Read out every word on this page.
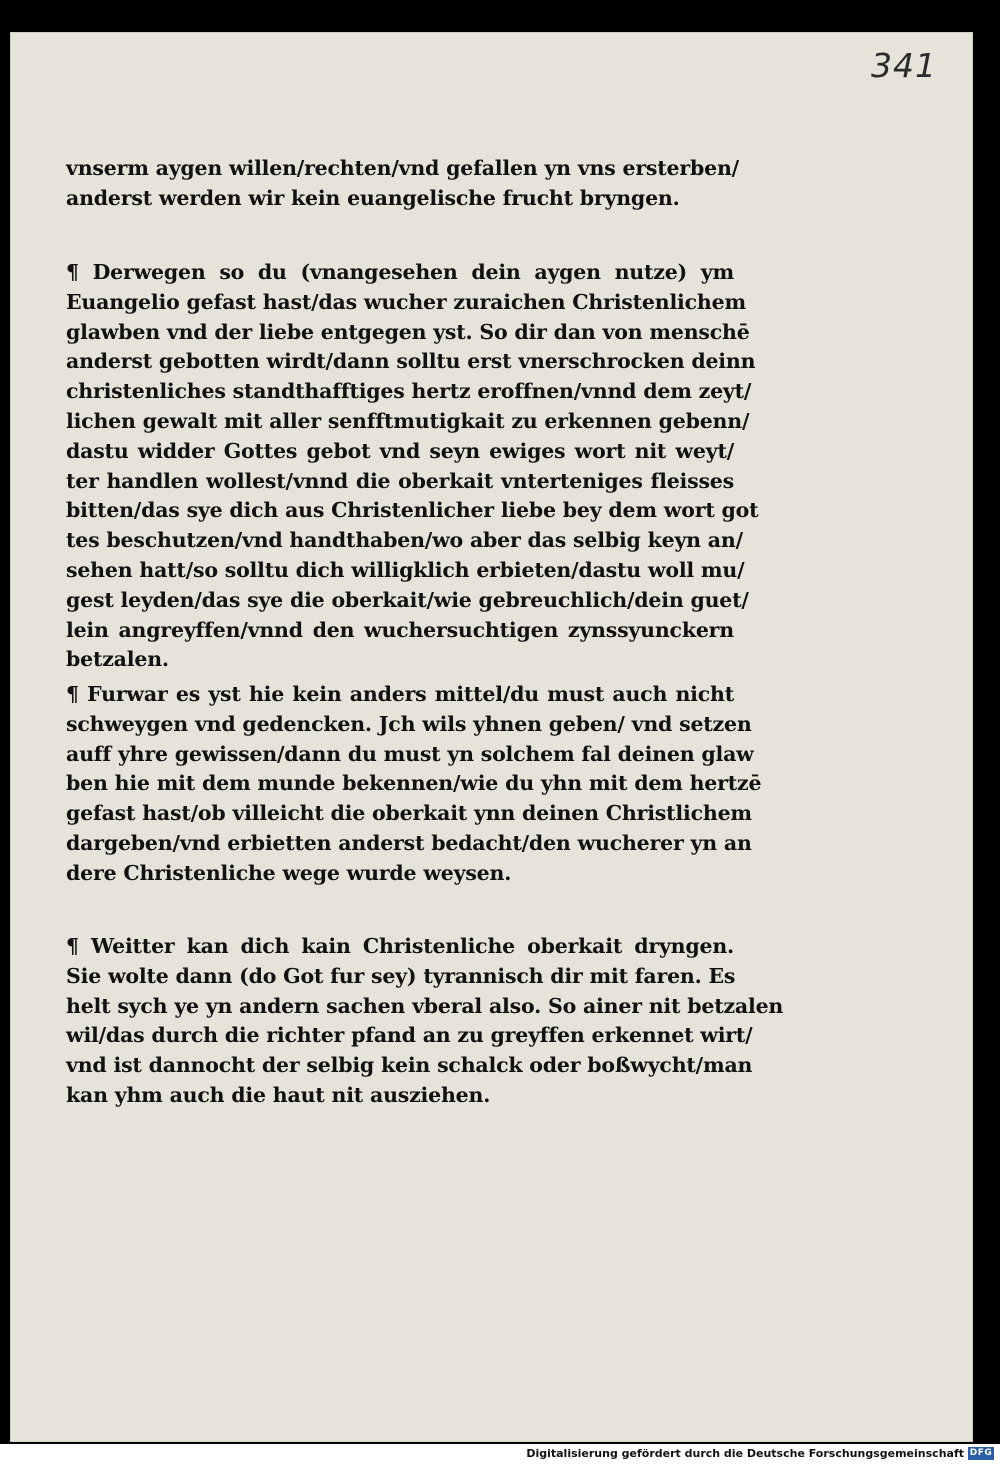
341
vnserm aygen willen/rechten/vnd gefallen yn vns ersterben/
anderst werden wir kein euangelische frucht bryngen.
¶ Derwegen so du (vnangesehen dein aygen nutze) ym
Euangelio gefast hast/das wucher zuraichen Christenlichem
glawben vnd der liebe entgegen yst. So dir dan von menschē
anderst gebotten wirdt/dann solltu erst vnerschrocken deinn
christenliches standthafftiges hertz eroffnen/vnnd dem zeyt/
lichen gewalt mit aller senfftmutigkait zu erkennen gebenn/
dastu widder Gottes gebot vnd seyn ewiges wort nit weyt/
ter handlen wollest/vnnd die oberkait vnterteniges fleisses
bitten/das sye dich aus Christenlicher liebe bey dem wort got
tes beschutzen/vnd handthaben/wo aber das selbig keyn an/
sehen hatt/so solltu dich willigklich erbieten/dastu woll mu/
gest leyden/das sye die oberkait/wie gebreuchlich/dein guet/
lein angreyffen/vnnd den wuchersuchtigen zynssyunckern
betzalen.
¶ Furwar es yst hie kein anders mittel/du must auch nicht
schweygen vnd gedencken. Jch wils yhnen geben/ vnd setzen
auff yhre gewissen/dann du must yn solchem fal deinen glaw
ben hie mit dem munde bekennen/wie du yhn mit dem hertzē
gefast hast/ob villeicht die oberkait ynn deinen Christlichem
dargeben/vnd erbietten anderst bedacht/den wucherer yn an
dere Christenliche wege wurde weysen.
¶ Weitter kan dich kain Christenliche oberkait dryngen.
Sie wolte dann (do Got fur sey) tyrannisch dir mit faren. Es
helt sych ye yn andern sachen vberal also. So ainer nit betzalen
wil/das durch die richter pfand an zu greyffen erkennet wirt/
vnd ist dannocht der selbig kein schalck oder boßwycht/man
kan yhm auch die haut nit ausziehen.
Digitalisierung gefördert durch die Deutsche Forschungsgemeinschaft DFG
